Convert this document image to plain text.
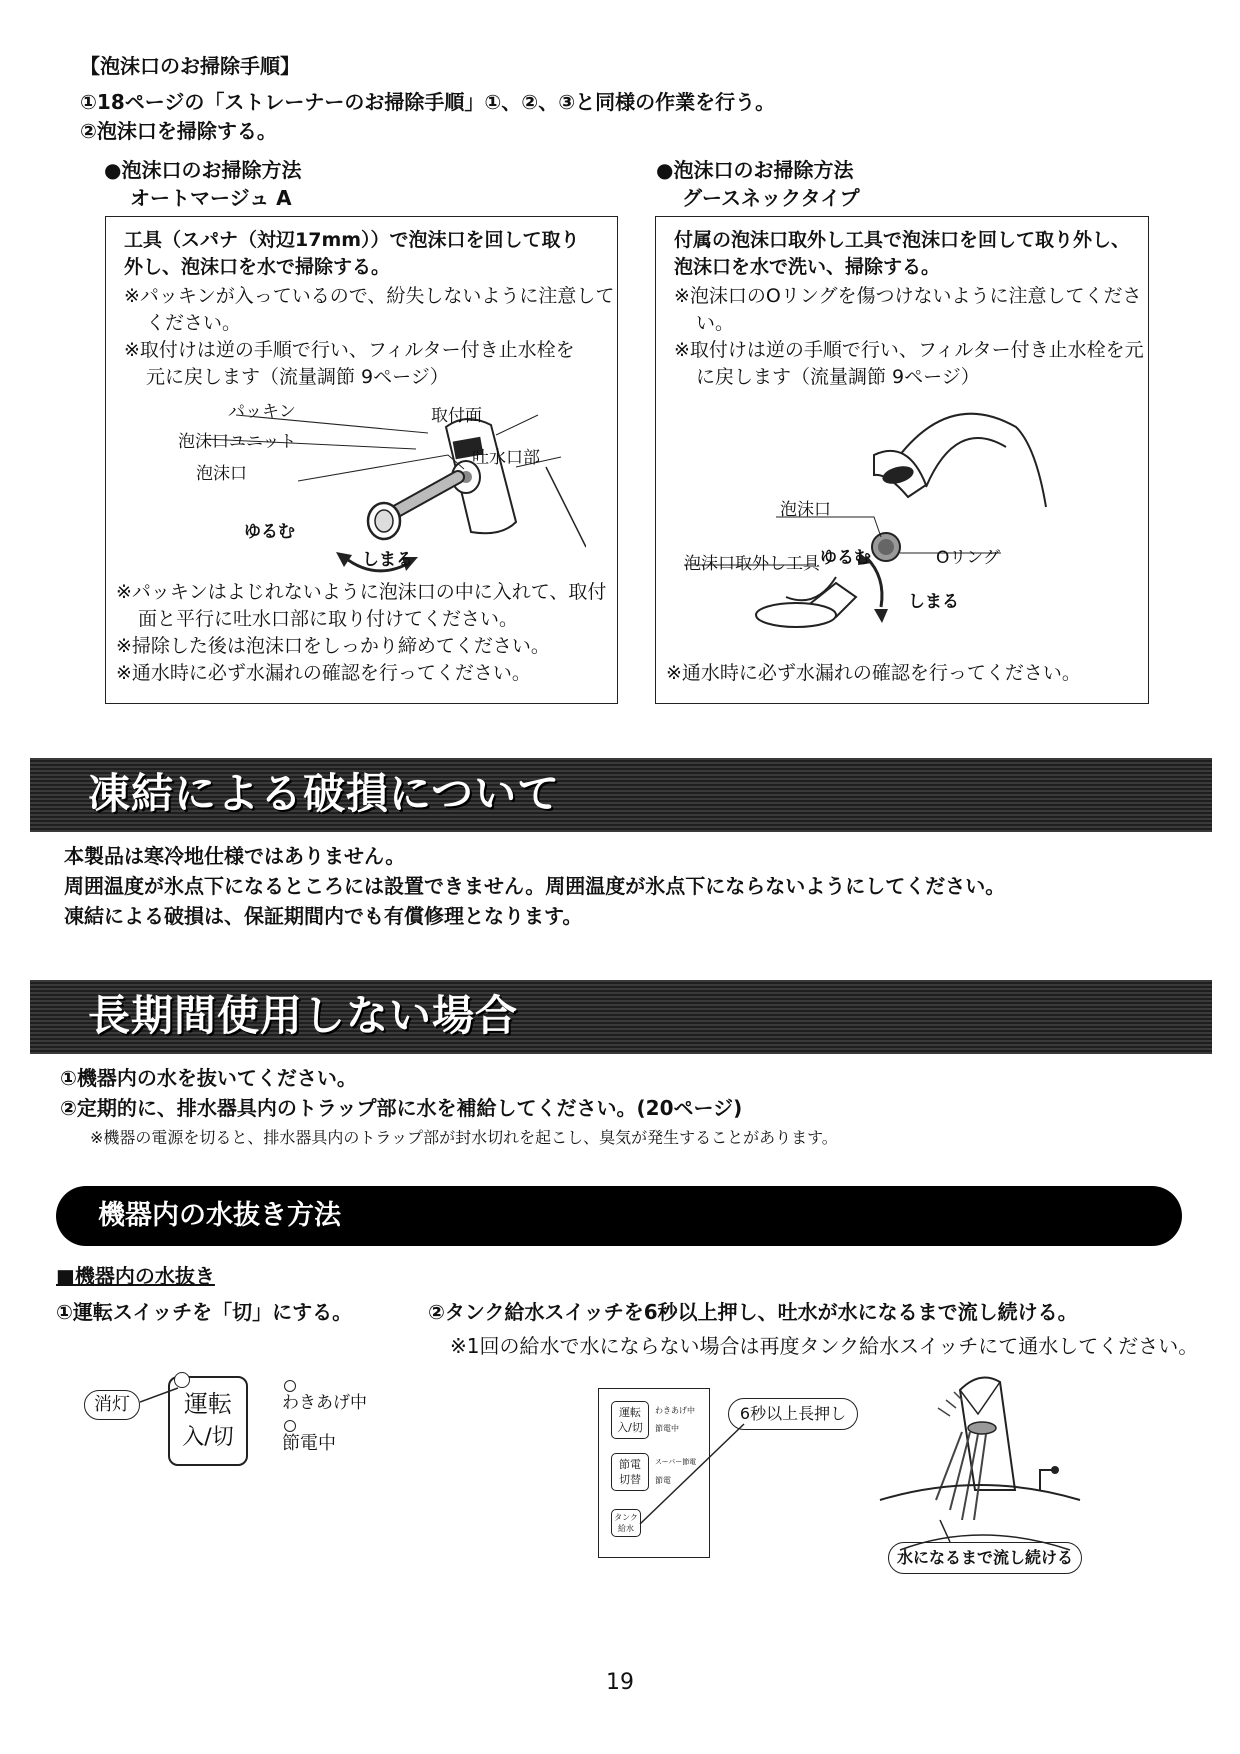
【泡沫口のお掃除手順】
①18ページの「ストレーナーのお掃除手順」①、②、③と同様の作業を行う。
②泡沫口を掃除する。
●泡沫口のお掃除方法
オートマージュ A
●泡沫口のお掃除方法
グースネックタイプ
工具（スパナ（対辺17mm））で泡沫口を回して取り外し、泡沫口を水で掃除する。
※パッキンが入っているので、紛失しないように注意してください。
※取付けは逆の手順で行い、フィルター付き止水栓を元に戻します（流量調節 9ページ）
パッキン	取付面
泡沫口ユニット
吐水口部
泡沫口
ゆるむ
しまる
※パッキンはよじれないように泡沫口の中に入れて、取付面と平行に吐水口部に取り付けてください。
※掃除した後は泡沫口をしっかり締めてください。
※通水時に必ず水漏れの確認を行ってください。
付属の泡沫口取外し工具で泡沫口を回して取り外し、泡沫口を水で洗い、掃除する。
※泡沫口のOリングを傷つけないように注意してください。
※取付けは逆の手順で行い、フィルター付き止水栓を元に戻します（流量調節 9ページ）
泡沫口
泡沫口取外し工具 ゆるむ	Oリング
しまる
※通水時に必ず水漏れの確認を行ってください。
凍結による破損について
本製品は寒冷地仕様ではありません。
周囲温度が氷点下になるところには設置できません。周囲温度が氷点下にならないようにしてください。
凍結による破損は、保証期間内でも有償修理となります。
長期間使用しない場合
①機器内の水を抜いてください。
②定期的に、排水器具内のトラップ部に水を補給してください。(20ページ)
※機器の電源を切ると、排水器具内のトラップ部が封水切れを起こし、臭気が発生することがあります。
機器内の水抜き方法
■機器内の水抜き
①運転スイッチを「切」にする。	②タンク給水スイッチを6秒以上押し、吐水が水になるまで流し続ける。
※1回の給水で水にならない場合は再度タンク給水スイッチにて通水してください。
消灯	運転
入/切
わきあげ中
節電中
運転
入/切
わきあげ中
節電中
節電
切替
スーパー節電
節電
タンク
給水
6秒以上長押し
水になるまで流し続ける
19
